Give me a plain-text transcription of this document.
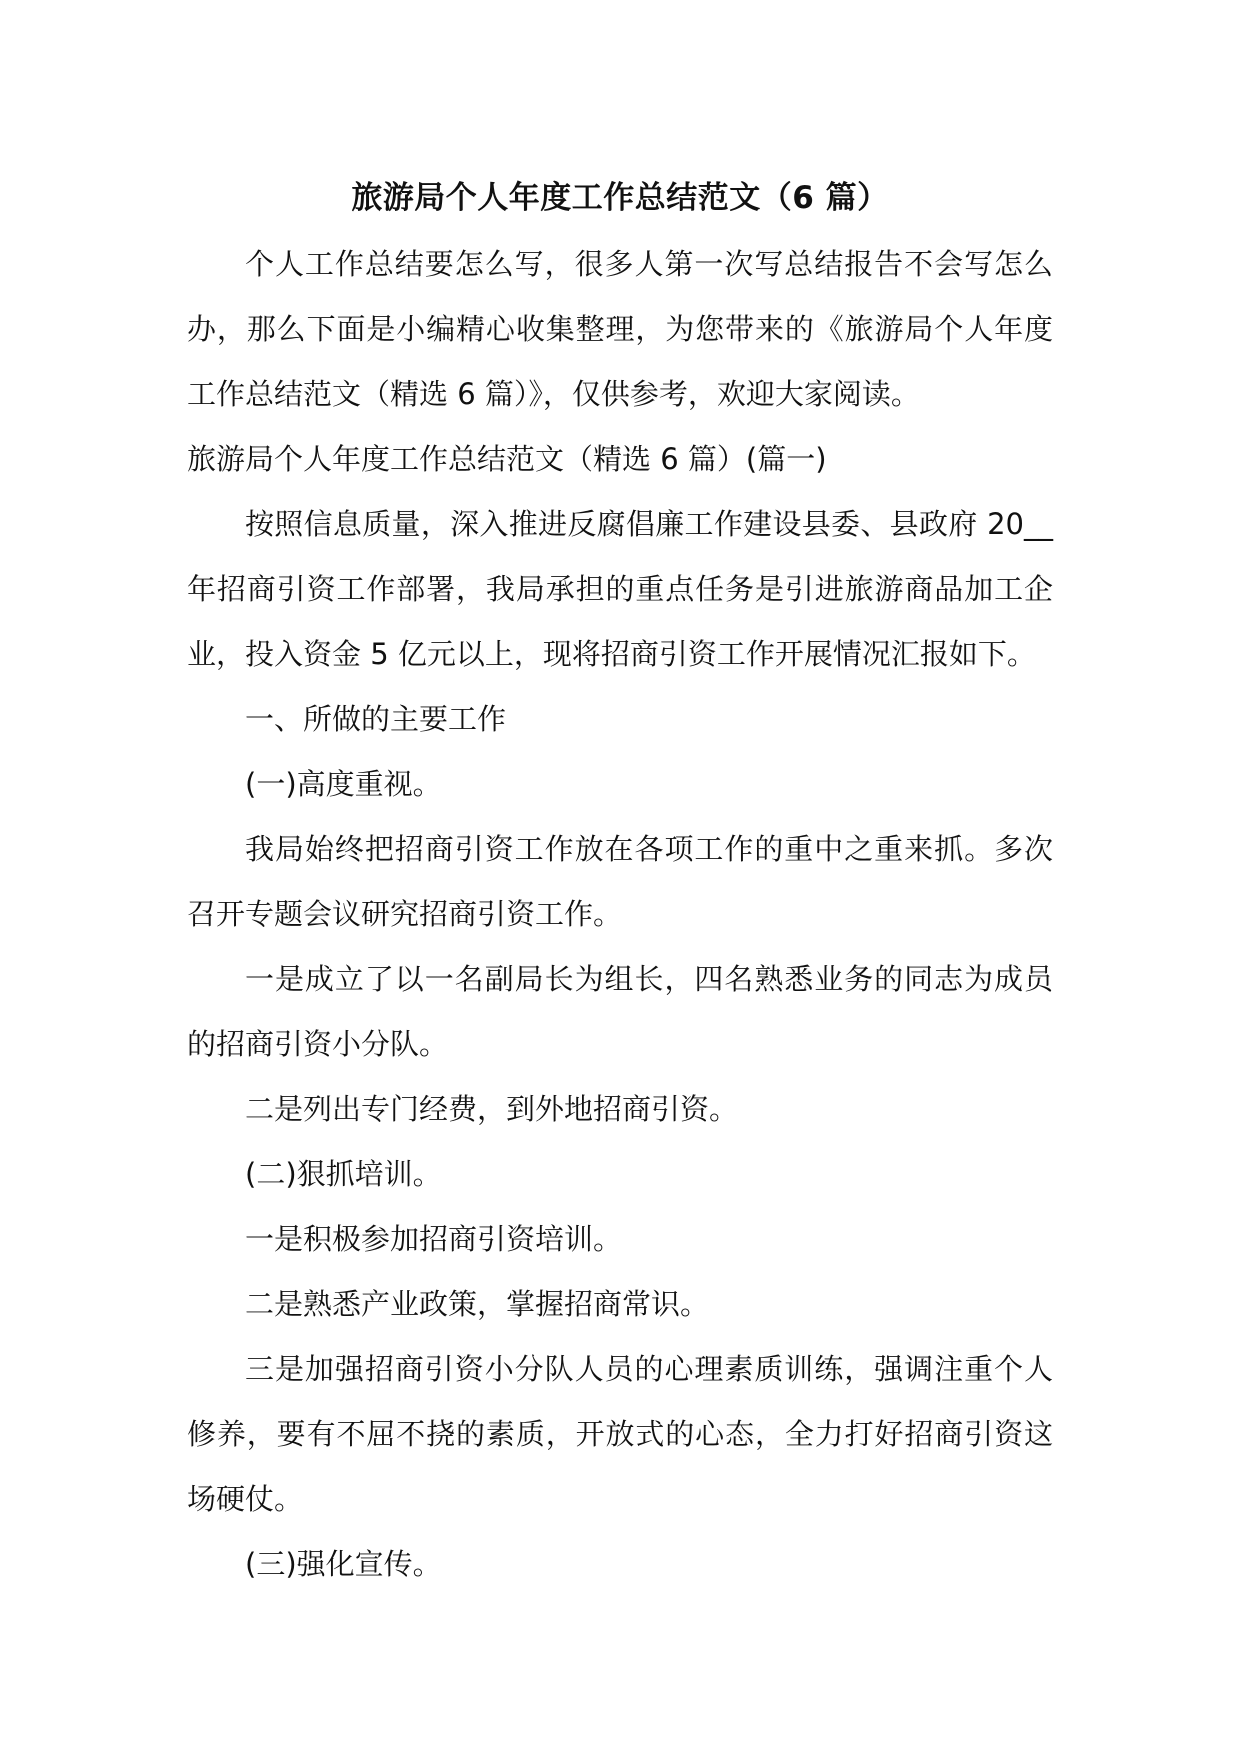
旅游局个人年度工作总结范文（6 篇）

个人工作总结要怎么写，很多人第一次写总结报告不会写怎么办，那么下面是小编精心收集整理，为您带来的《旅游局个人年度工作总结范文（精选 6 篇）》，仅供参考，欢迎大家阅读。

旅游局个人年度工作总结范文（精选 6 篇）(篇一)

按照信息质量，深入推进反腐倡廉工作建设县委、县政府 20__年招商引资工作部署，我局承担的重点任务是引进旅游商品加工企业，投入资金 5 亿元以上，现将招商引资工作开展情况汇报如下。

一、所做的主要工作

(一)高度重视。

我局始终把招商引资工作放在各项工作的重中之重来抓。多次召开专题会议研究招商引资工作。

一是成立了以一名副局长为组长，四名熟悉业务的同志为成员的招商引资小分队。

二是列出专门经费，到外地招商引资。

(二)狠抓培训。

一是积极参加招商引资培训。

二是熟悉产业政策，掌握招商常识。

三是加强招商引资小分队人员的心理素质训练，强调注重个人修养，要有不屈不挠的素质，开放式的心态，全力打好招商引资这场硬仗。

(三)强化宣传。
